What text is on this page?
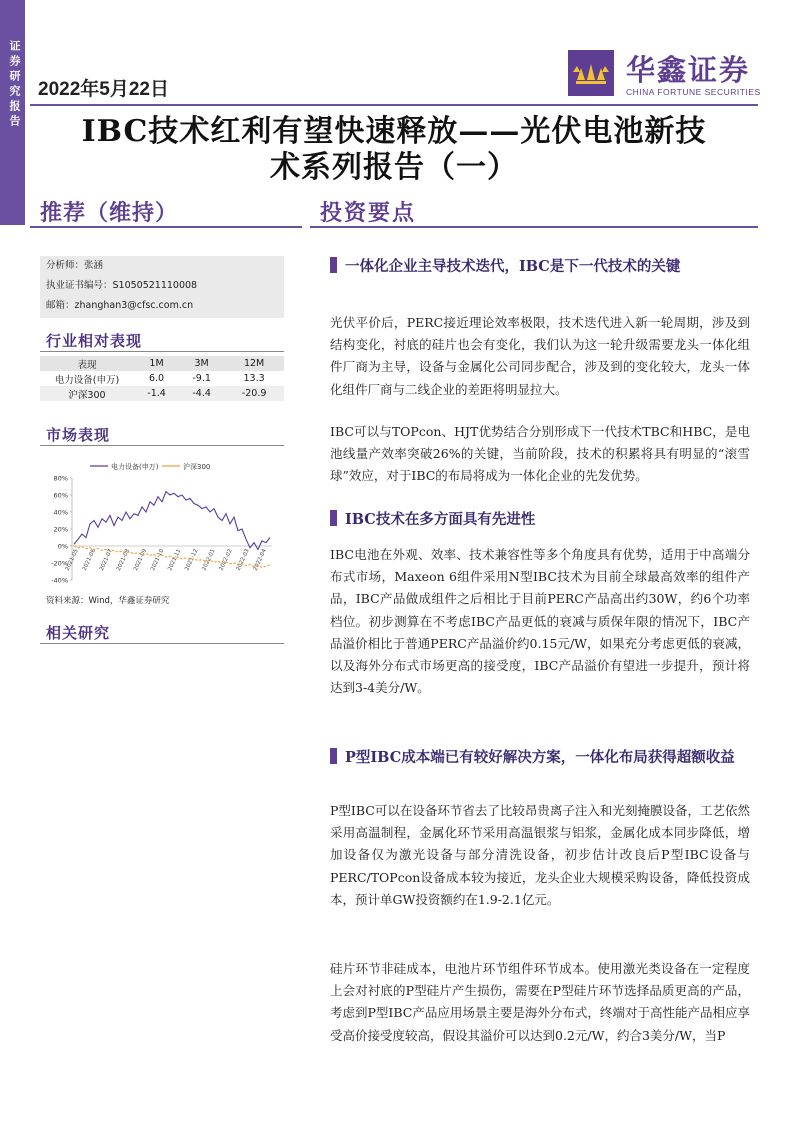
证券研究报告 2022年5月22日
华鑫证券
CHINA FORTUNE SECURITIES
IBC技术红利有望快速释放——光伏电池新技
术系列报告（一）
推荐（维持）	投资要点
分析师：张涵
执业证书编号：S1050521110008
邮箱：zhanghan3@cfsc.com.cn
行业相对表现
表现	1M	3M	12M
电力设备(申万)	6.0	-9.1	13.3
沪深300	-1.4	-4.4	-20.9
市场表现
电力设备(申万)	沪深300
80%
60%
40%
20%
0%
-20%
-40%
2021-05 2021-06 2021-07 2021-08 2021-09 2021-10 2021-11 2021-12 2022-01 2022-02 2022-03 2022-04
资料来源：Wind，华鑫证券研究
相关研究
一体化企业主导技术迭代，IBC是下一代技术的关键
光伏平价后，PERC接近理论效率极限，技术迭代进入新一轮周期，涉及到结构变化，衬底的硅片也会有变化，我们认为这一轮升级需要龙头一体化组件厂商为主导，设备与金属化公司同步配合，涉及到的变化较大，龙头一体化组件厂商与二线企业的差距将明显拉大。
IBC可以与TOPcon、HJT优势结合分别形成下一代技术TBC和HBC，是电池线量产效率突破26%的关键，当前阶段，技术的积累将具有明显的“滚雪球”效应，对于IBC的布局将成为一体化企业的先发优势。
IBC技术在多方面具有先进性
IBC电池在外观、效率、技术兼容性等多个角度具有优势，适用于中高端分布式市场，Maxeon 6组件采用N型IBC技术为目前全球最高效率的组件产品，IBC产品做成组件之后相比于目前PERC产品高出约30W，约6个功率档位。初步测算在不考虑IBC产品更低的衰减与质保年限的情况下，IBC产品溢价相比于普通PERC产品溢价约0.15元/W，如果充分考虑更低的衰减，以及海外分布式市场更高的接受度，IBC产品溢价有望进一步提升，预计将达到3-4美分/W。
P型IBC成本端已有较好解决方案，一体化布局获得超额收益
P型IBC可以在设备环节省去了比较昂贵离子注入和光刻掩膜设备，工艺依然采用高温制程，金属化环节采用高温银浆与铝浆，金属化成本同步降低，增加设备仅为激光设备与部分清洗设备，初步估计改良后P型IBC设备与PERC/TOPcon设备成本较为接近，龙头企业大规模采购设备，降低投资成本，预计单GW投资额约在1.9-2.1亿元。
硅片环节非硅成本，电池片环节组件环节成本。使用激光类设备在一定程度上会对衬底的P型硅片产生损伤，需要在P型硅片环节选择品质更高的产品，考虑到P型IBC产品应用场景主要是海外分布式，终端对于高性能产品相应享受高价接受度较高，假设其溢价可以达到0.2元/W，约合3美分/W，当P
